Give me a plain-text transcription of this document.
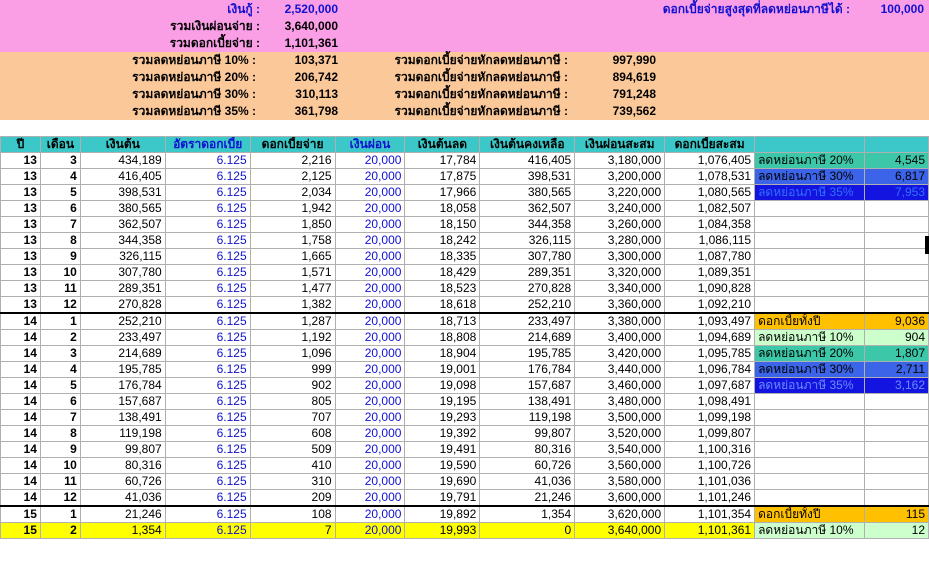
เงินกู้ :	2,520,000
รวมเงินผ่อนจ่าย :	3,640,000
รวมดอกเบี้ยจ่าย :	1,101,361
ดอกเบี้ยจ่ายสูงสุดที่ลดหย่อนภาษีได้ :	100,000
รวมลดหย่อนภาษี 10% :	103,371	รวมดอกเบี้ยจ่ายหักลดหย่อนภาษี :	997,990
รวมลดหย่อนภาษี 20% :	206,742	รวมดอกเบี้ยจ่ายหักลดหย่อนภาษี :	894,619
รวมลดหย่อนภาษี 30% :	310,113	รวมดอกเบี้ยจ่ายหักลดหย่อนภาษี :	791,248
รวมลดหย่อนภาษี 35% :	361,798	รวมดอกเบี้ยจ่ายหักลดหย่อนภาษี :	739,562
ปี	เดือน	เงินต้น	อัตราดอกเบี้ย	ดอกเบี้ยจ่าย	เงินผ่อน	เงินต้นลด	เงินต้นคงเหลือ	เงินผ่อนสะสม	ดอกเบี้ยสะสม		
13	3	434,189	6.125	2,216	20,000	17,784	416,405	3,180,000	1,076,405	ลดหย่อนภาษี 20%	4,545
13	4	416,405	6.125	2,125	20,000	17,875	398,531	3,200,000	1,078,531	ลดหย่อนภาษี 30%	6,817
13	5	398,531	6.125	2,034	20,000	17,966	380,565	3,220,000	1,080,565	ลดหย่อนภาษี 35%	7,953
13	6	380,565	6.125	1,942	20,000	18,058	362,507	3,240,000	1,082,507		
13	7	362,507	6.125	1,850	20,000	18,150	344,358	3,260,000	1,084,358		
13	8	344,358	6.125	1,758	20,000	18,242	326,115	3,280,000	1,086,115		
13	9	326,115	6.125	1,665	20,000	18,335	307,780	3,300,000	1,087,780		
13	10	307,780	6.125	1,571	20,000	18,429	289,351	3,320,000	1,089,351		
13	11	289,351	6.125	1,477	20,000	18,523	270,828	3,340,000	1,090,828		
13	12	270,828	6.125	1,382	20,000	18,618	252,210	3,360,000	1,092,210		
14	1	252,210	6.125	1,287	20,000	18,713	233,497	3,380,000	1,093,497	ดอกเบี้ยทั้งปี	9,036
14	2	233,497	6.125	1,192	20,000	18,808	214,689	3,400,000	1,094,689	ลดหย่อนภาษี 10%	904
14	3	214,689	6.125	1,096	20,000	18,904	195,785	3,420,000	1,095,785	ลดหย่อนภาษี 20%	1,807
14	4	195,785	6.125	999	20,000	19,001	176,784	3,440,000	1,096,784	ลดหย่อนภาษี 30%	2,711
14	5	176,784	6.125	902	20,000	19,098	157,687	3,460,000	1,097,687	ลดหย่อนภาษี 35%	3,162
14	6	157,687	6.125	805	20,000	19,195	138,491	3,480,000	1,098,491		
14	7	138,491	6.125	707	20,000	19,293	119,198	3,500,000	1,099,198		
14	8	119,198	6.125	608	20,000	19,392	99,807	3,520,000	1,099,807		
14	9	99,807	6.125	509	20,000	19,491	80,316	3,540,000	1,100,316		
14	10	80,316	6.125	410	20,000	19,590	60,726	3,560,000	1,100,726		
14	11	60,726	6.125	310	20,000	19,690	41,036	3,580,000	1,101,036		
14	12	41,036	6.125	209	20,000	19,791	21,246	3,600,000	1,101,246		
15	1	21,246	6.125	108	20,000	19,892	1,354	3,620,000	1,101,354	ดอกเบี้ยทั้งปี	115
15	2	1,354	6.125	7	20,000	19,993	0	3,640,000	1,101,361	ลดหย่อนภาษี 10%	12
